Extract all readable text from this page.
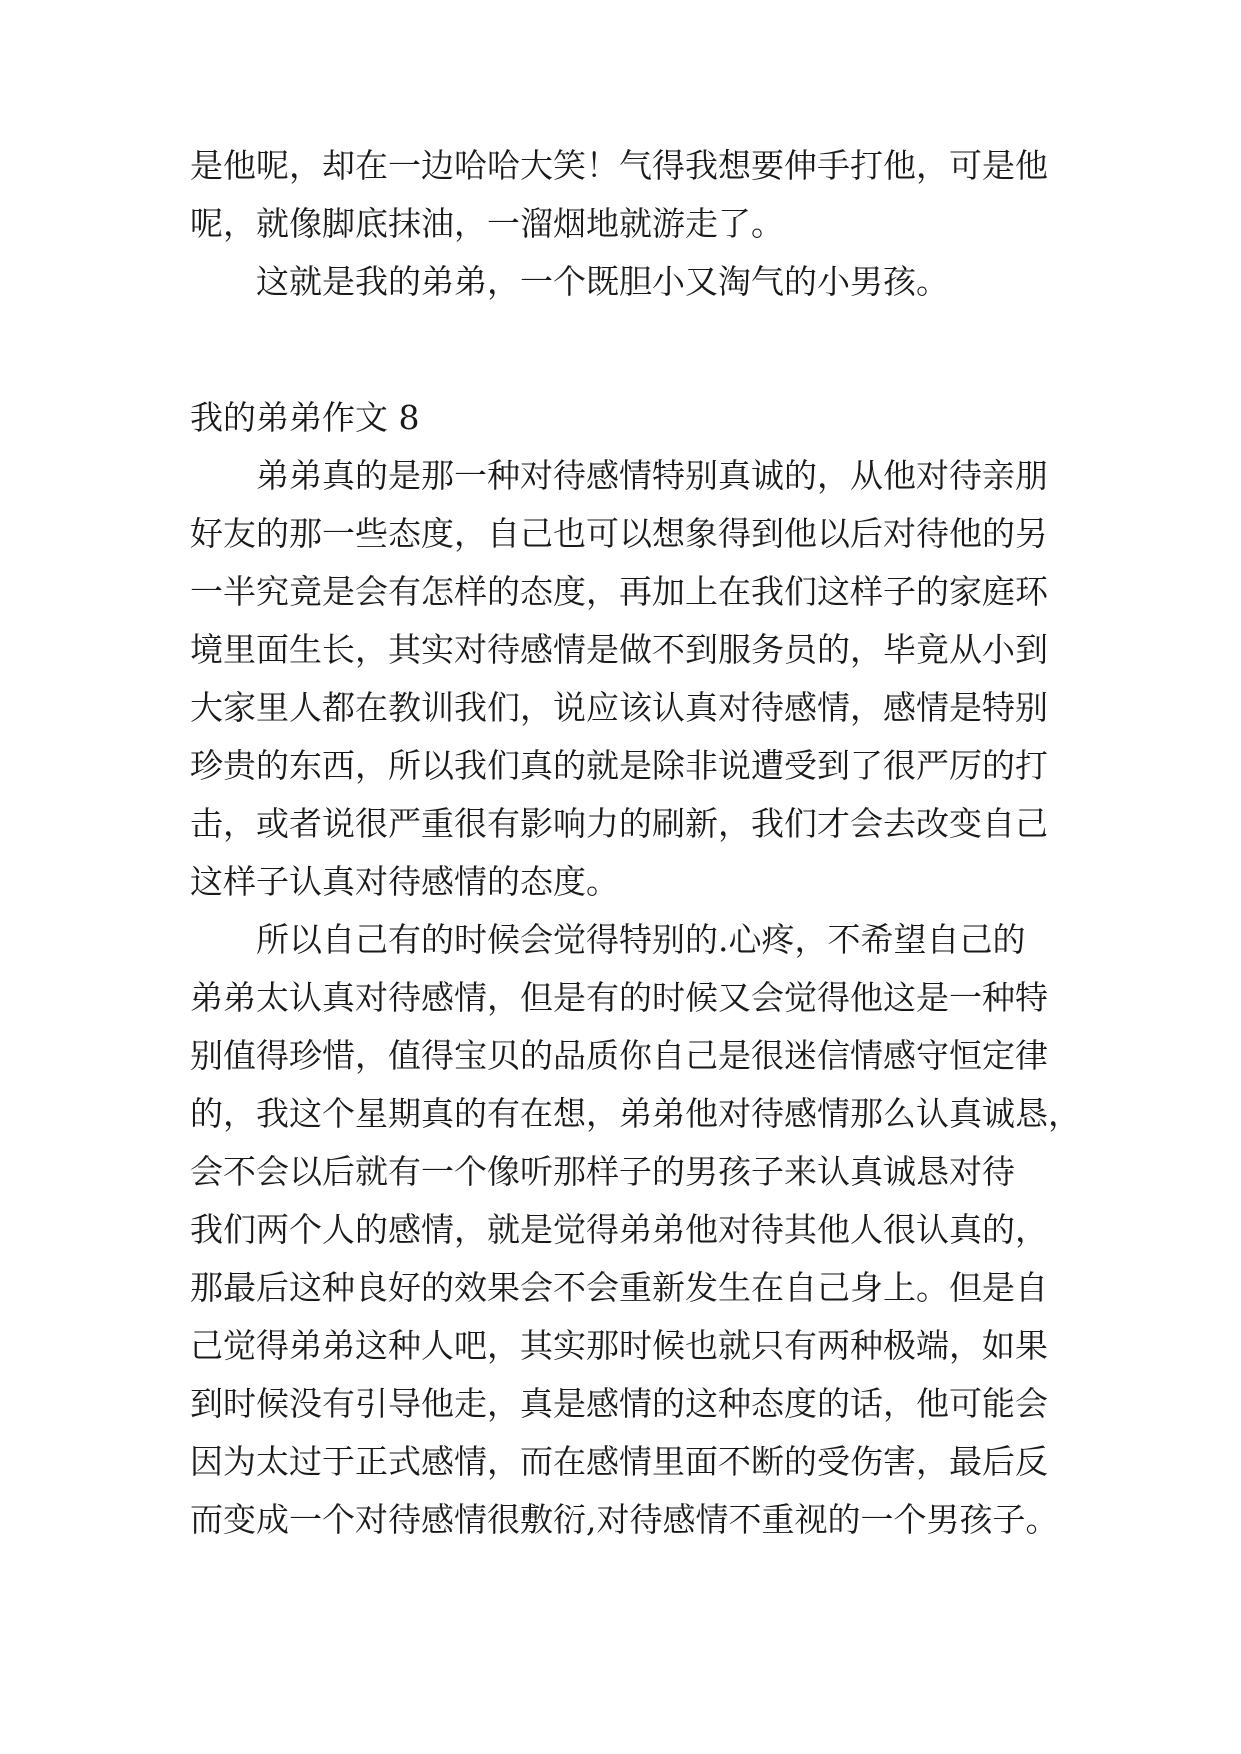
是他呢，却在一边哈哈大笑！气得我想要伸手打他，可是他
呢，就像脚底抹油，一溜烟地就游走了。
这就是我的弟弟，一个既胆小又淘气的小男孩。
我的弟弟作文 8
弟弟真的是那一种对待感情特别真诚的，从他对待亲朋
好友的那一些态度，自己也可以想象得到他以后对待他的另
一半究竟是会有怎样的态度，再加上在我们这样子的家庭环
境里面生长，其实对待感情是做不到服务员的，毕竟从小到
大家里人都在教训我们，说应该认真对待感情，感情是特别
珍贵的东西，所以我们真的就是除非说遭受到了很严厉的打
击，或者说很严重很有影响力的刷新，我们才会去改变自己
这样子认真对待感情的态度。
所以自己有的时候会觉得特别的.心疼，不希望自己的
弟弟太认真对待感情，但是有的时候又会觉得他这是一种特
别值得珍惜，值得宝贝的品质你自己是很迷信情感守恒定律
的，我这个星期真的有在想，弟弟他对待感情那么认真诚恳，
会不会以后就有一个像听那样子的男孩子来认真诚恳对待
我们两个人的感情，就是觉得弟弟他对待其他人很认真的，
那最后这种良好的效果会不会重新发生在自己身上。但是自
己觉得弟弟这种人吧，其实那时候也就只有两种极端，如果
到时候没有引导他走，真是感情的这种态度的话，他可能会
因为太过于正式感情，而在感情里面不断的受伤害，最后反
而变成一个对待感情很敷衍,对待感情不重视的一个男孩子。
